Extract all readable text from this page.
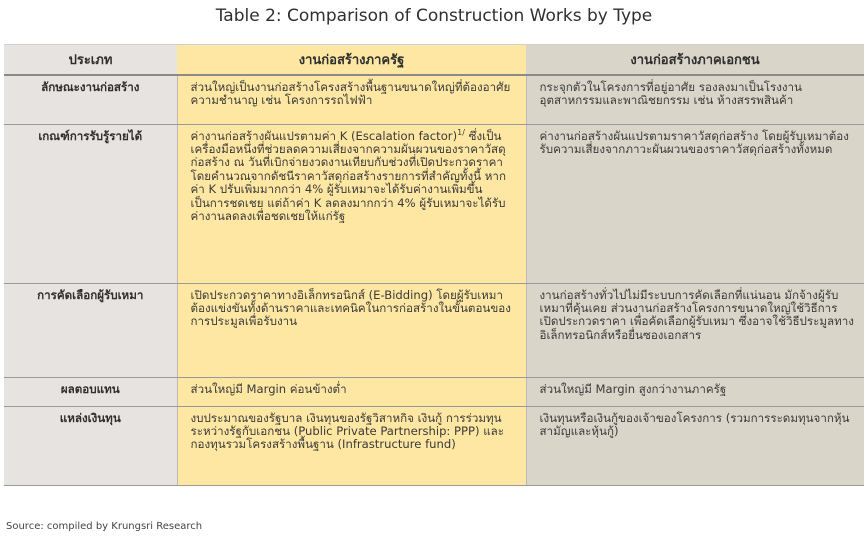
Table 2: Comparison of Construction Works by Type
ประเภท	งานก่อสร้างภาครัฐ	งานก่อสร้างภาคเอกชน
ลักษณะงานก่อสร้าง	ส่วนใหญ่เป็นงานก่อสร้างโครงสร้างพื้นฐานขนาดใหญ่ที่ต้องอาศัยความชำนาญ เช่น โครงการรถไฟฟ้า	กระจุกตัวในโครงการที่อยู่อาศัย รองลงมาเป็นโรงงานอุตสาหกรรมและพาณิชยกรรม เช่น ห้างสรรพสินค้า
เกณฑ์การรับรู้รายได้	ค่างานก่อสร้างผันแปรตามค่า K (Escalation factor)$^{1/}$ ซึ่งเป็นเครื่องมือหนึ่งที่ช่วยลดความเสี่ยงจากความผันผวนของราคาวัสดุก่อสร้าง ณ วันที่เบิกจ่ายงวดงานเทียบกับช่วงที่เปิดประกวดราคา โดยคำนวณจากดัชนีราคาวัสดุก่อสร้างรายการที่สำคัญทั้งนี้ หากค่า K ปรับเพิ่มมากกว่า 4% ผู้รับเหมาจะได้รับค่างานเพิ่มขึ้นเป็นการชดเชย แต่ถ้าค่า K ลดลงมากกว่า 4% ผู้รับเหมาจะได้รับค่างานลดลงเพื่อชดเชยให้แก่รัฐ	ค่างานก่อสร้างผันแปรตามราคาวัสดุก่อสร้าง โดยผู้รับเหมาต้องรับความเสี่ยงจากภาวะผันผวนของราคาวัสดุก่อสร้างทั้งหมด
การคัดเลือกผู้รับเหมา	เปิดประกวดราคาทางอิเล็กทรอนิกส์ (E-Bidding) โดยผู้รับเหมาต้องแข่งขันทั้งด้านราคาและเทคนิคในการก่อสร้างในขั้นตอนของการประมูลเพื่อรับงาน	งานก่อสร้างทั่วไปไม่มีระบบการคัดเลือกที่แน่นอน มักจ้างผู้รับเหมาที่คุ้นเคย ส่วนงานก่อสร้างโครงการขนาดใหญ่ใช้วิธีการเปิดประกวดราคา เพื่อคัดเลือกผู้รับเหมา ซึ่งอาจใช้วิธีประมูลทางอิเล็กทรอนิกส์หรือยื่นซองเอกสาร
ผลตอบแทน	ส่วนใหญ่มี Margin ค่อนข้างต่ำ	ส่วนใหญ่มี Margin สูงกว่างานภาครัฐ
แหล่งเงินทุน	งบประมาณของรัฐบาล เงินทุนของรัฐวิสาหกิจ เงินกู้ การร่วมทุนระหว่างรัฐกับเอกชน (Public Private Partnership: PPP) และกองทุนรวมโครงสร้างพื้นฐาน (Infrastructure fund)	เงินทุนหรือเงินกู้ของเจ้าของโครงการ (รวมการระดมทุนจากหุ้นสามัญและหุ้นกู้)
Source: compiled by Krungsri Research
